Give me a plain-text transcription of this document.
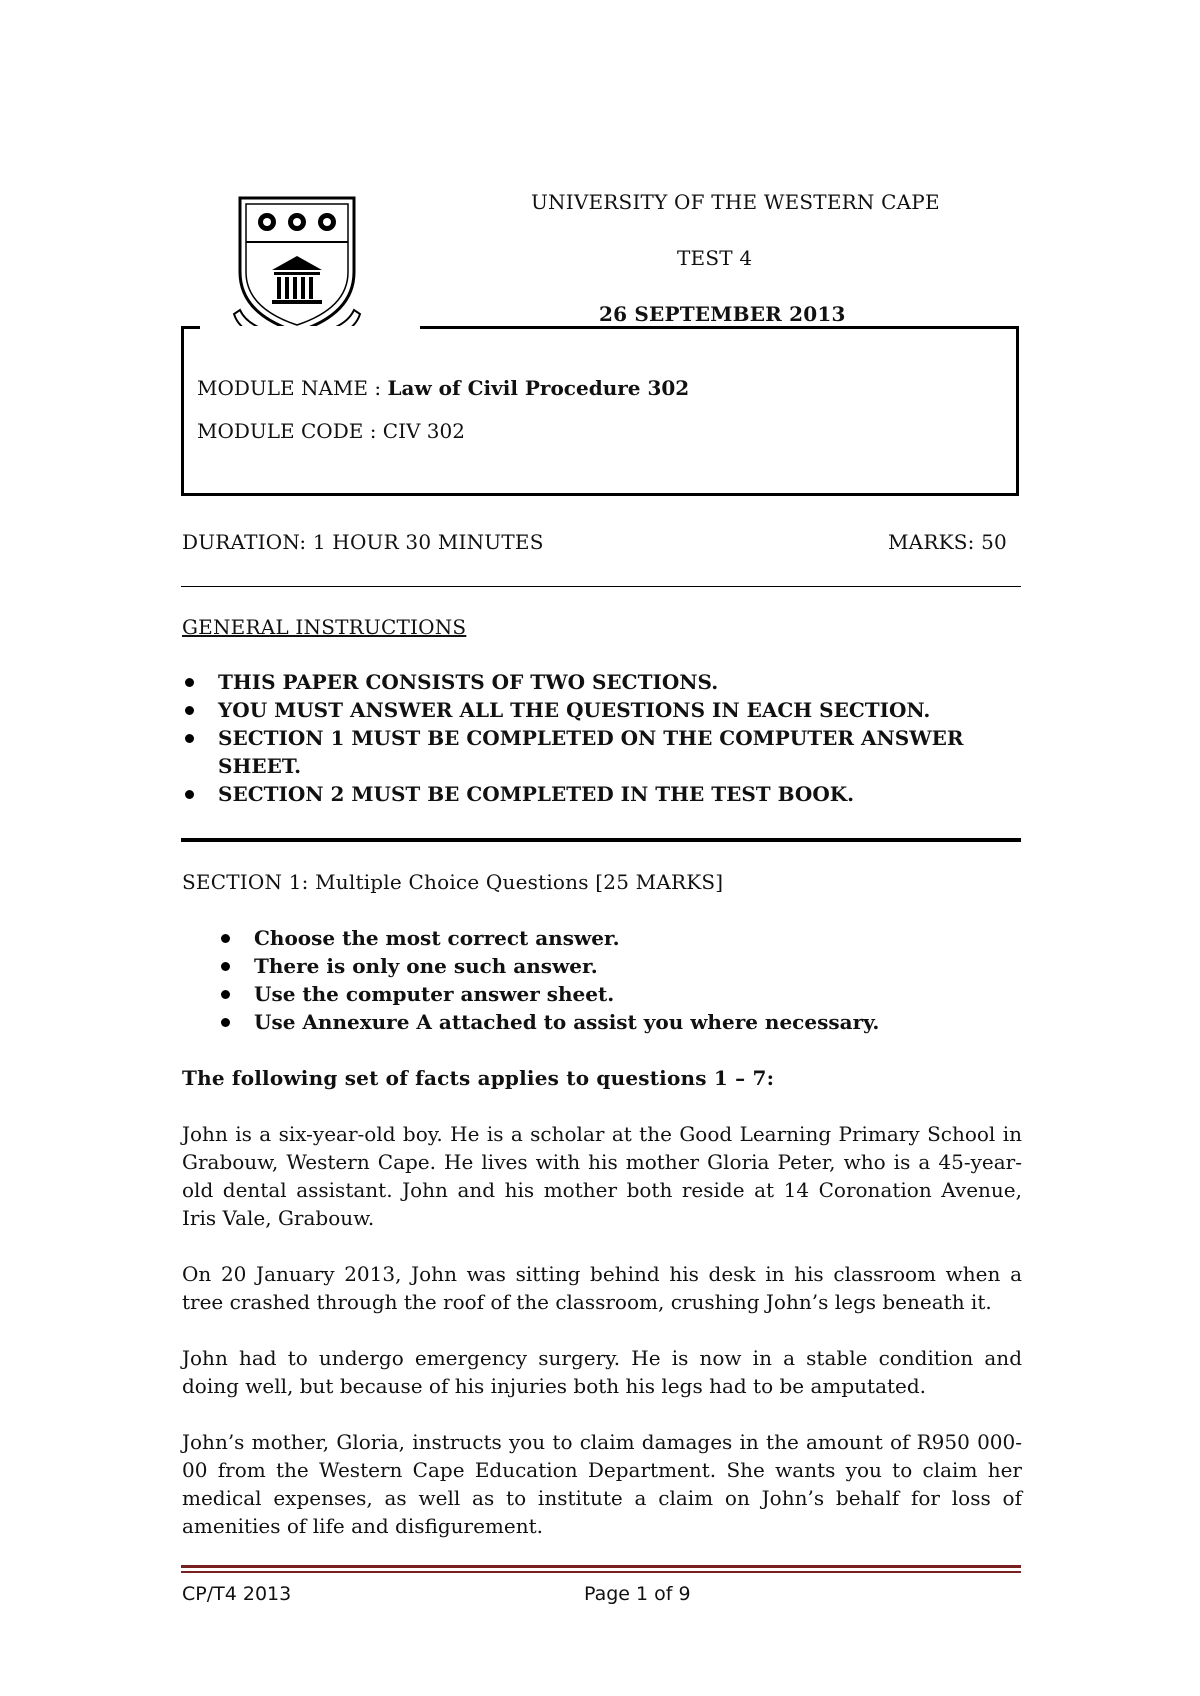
UNIVERSITY OF THE WESTERN CAPE
TEST 4
26 SEPTEMBER 2013
MODULE NAME : Law of Civil Procedure 302
MODULE CODE : CIV 302
DURATION: 1 HOUR 30 MINUTES	MARKS: 50
GENERAL INSTRUCTIONS
THIS PAPER CONSISTS OF TWO SECTIONS.
YOU MUST ANSWER ALL THE QUESTIONS IN EACH SECTION.
SECTION 1 MUST BE COMPLETED ON THE COMPUTER ANSWER SHEET.
SECTION 2 MUST BE COMPLETED IN THE TEST BOOK.
SECTION 1: Multiple Choice Questions [25 MARKS]
Choose the most correct answer.
There is only one such answer.
Use the computer answer sheet.
Use Annexure A attached to assist you where necessary.
The following set of facts applies to questions 1 – 7:
John is a six-year-old boy. He is a scholar at the Good Learning Primary School in Grabouw, Western Cape. He lives with his mother Gloria Peter, who is a 45-year-old dental assistant. John and his mother both reside at 14 Coronation Avenue, Iris Vale, Grabouw.
On 20 January 2013, John was sitting behind his desk in his classroom when a tree crashed through the roof of the classroom, crushing John’s legs beneath it.
John had to undergo emergency surgery. He is now in a stable condition and doing well, but because of his injuries both his legs had to be amputated.
John’s mother, Gloria, instructs you to claim damages in the amount of R950 000-00 from the Western Cape Education Department. She wants you to claim her medical expenses, as well as to institute a claim on John’s behalf for loss of amenities of life and disfigurement.
CP/T4 2013	Page 1 of 9
